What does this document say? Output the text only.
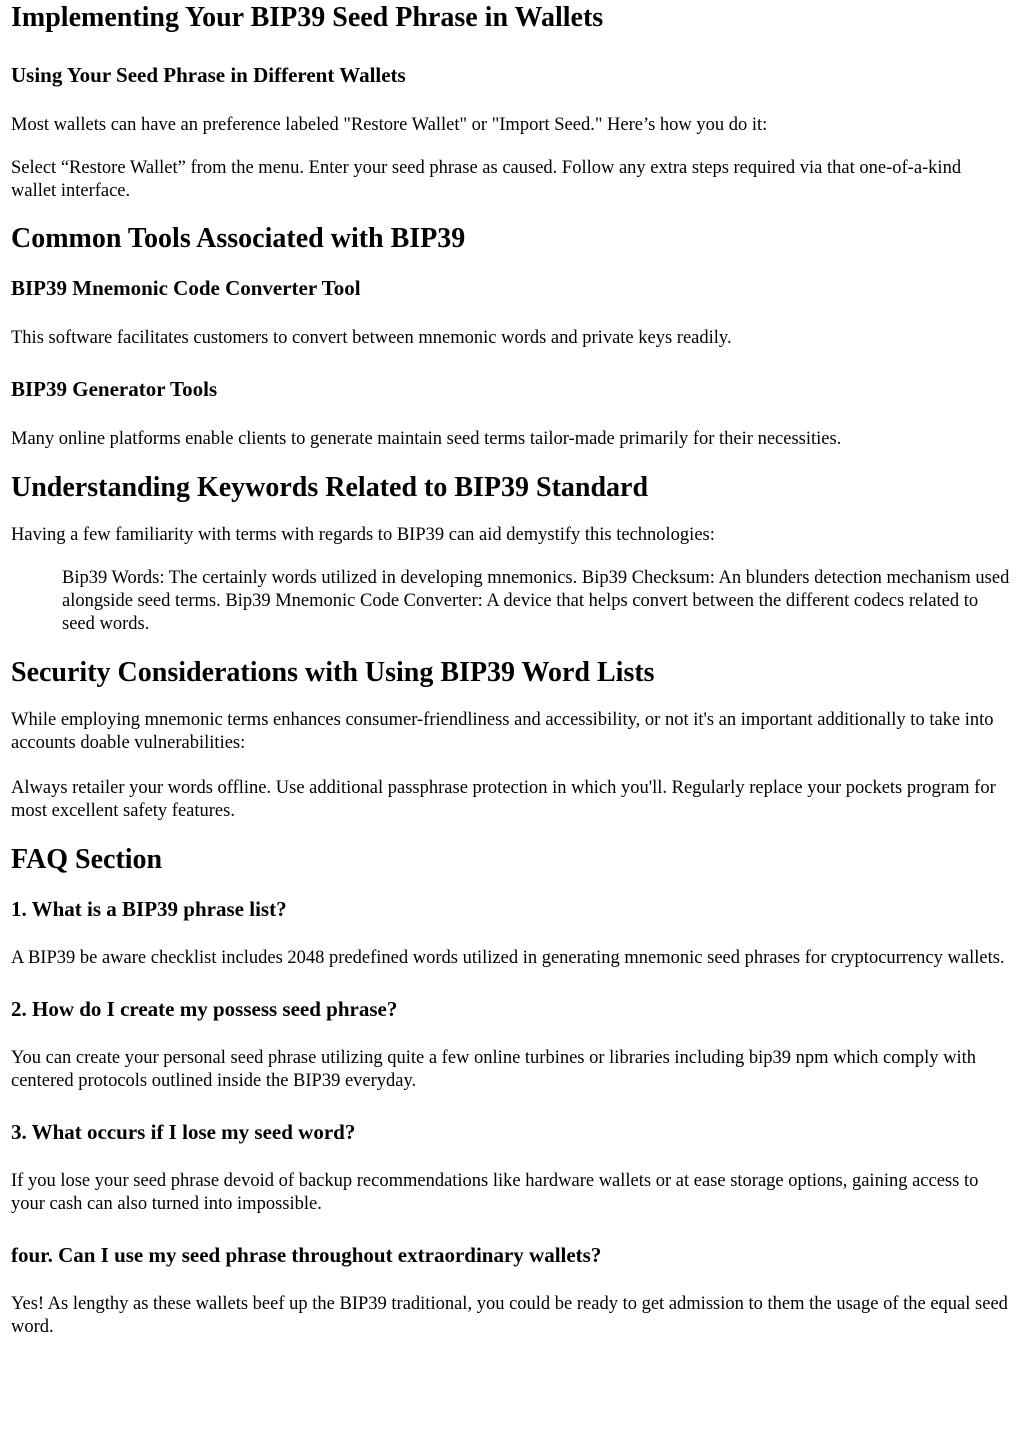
Implementing Your BIP39 Seed Phrase in Wallets
Using Your Seed Phrase in Different Wallets

Most wallets can have an preference labeled "Restore Wallet" or "Import Seed." Here’s how you do it:

Select “Restore Wallet” from the menu. Enter your seed phrase as caused. Follow any extra steps required via that one-of-a-kind wallet interface.

Common Tools Associated with BIP39
BIP39 Mnemonic Code Converter Tool

This software facilitates customers to convert between mnemonic words and private keys readily.

BIP39 Generator Tools

Many online platforms enable clients to generate maintain seed terms tailor-made primarily for their necessities.

Understanding Keywords Related to BIP39 Standard

Having a few familiarity with terms with regards to BIP39 can aid demystify this technologies:

Bip39 Words: The certainly words utilized in developing mnemonics. Bip39 Checksum: An blunders detection mechanism used alongside seed terms. Bip39 Mnemonic Code Converter: A device that helps convert between the different codecs related to seed words.
Security Considerations with Using BIP39 Word Lists

While employing mnemonic terms enhances consumer-friendliness and accessibility, or not it's an important additionally to take into accounts doable vulnerabilities:

Always retailer your words offline. Use additional passphrase protection in which you'll. Regularly replace your pockets program for most excellent safety features.

FAQ Section
1. What is a BIP39 phrase list?

A BIP39 be aware checklist includes 2048 predefined words utilized in generating mnemonic seed phrases for cryptocurrency wallets.

2. How do I create my possess seed phrase?

You can create your personal seed phrase utilizing quite a few online turbines or libraries including bip39 npm which comply with centered protocols outlined inside the BIP39 everyday.

3. What occurs if I lose my seed word?

If you lose your seed phrase devoid of backup recommendations like hardware wallets or at ease storage options, gaining access to your cash can also turned into impossible.

four. Can I use my seed phrase throughout extraordinary wallets?

Yes! As lengthy as these wallets beef up the BIP39 traditional, you could be ready to get admission to them the usage of the equal seed word.
